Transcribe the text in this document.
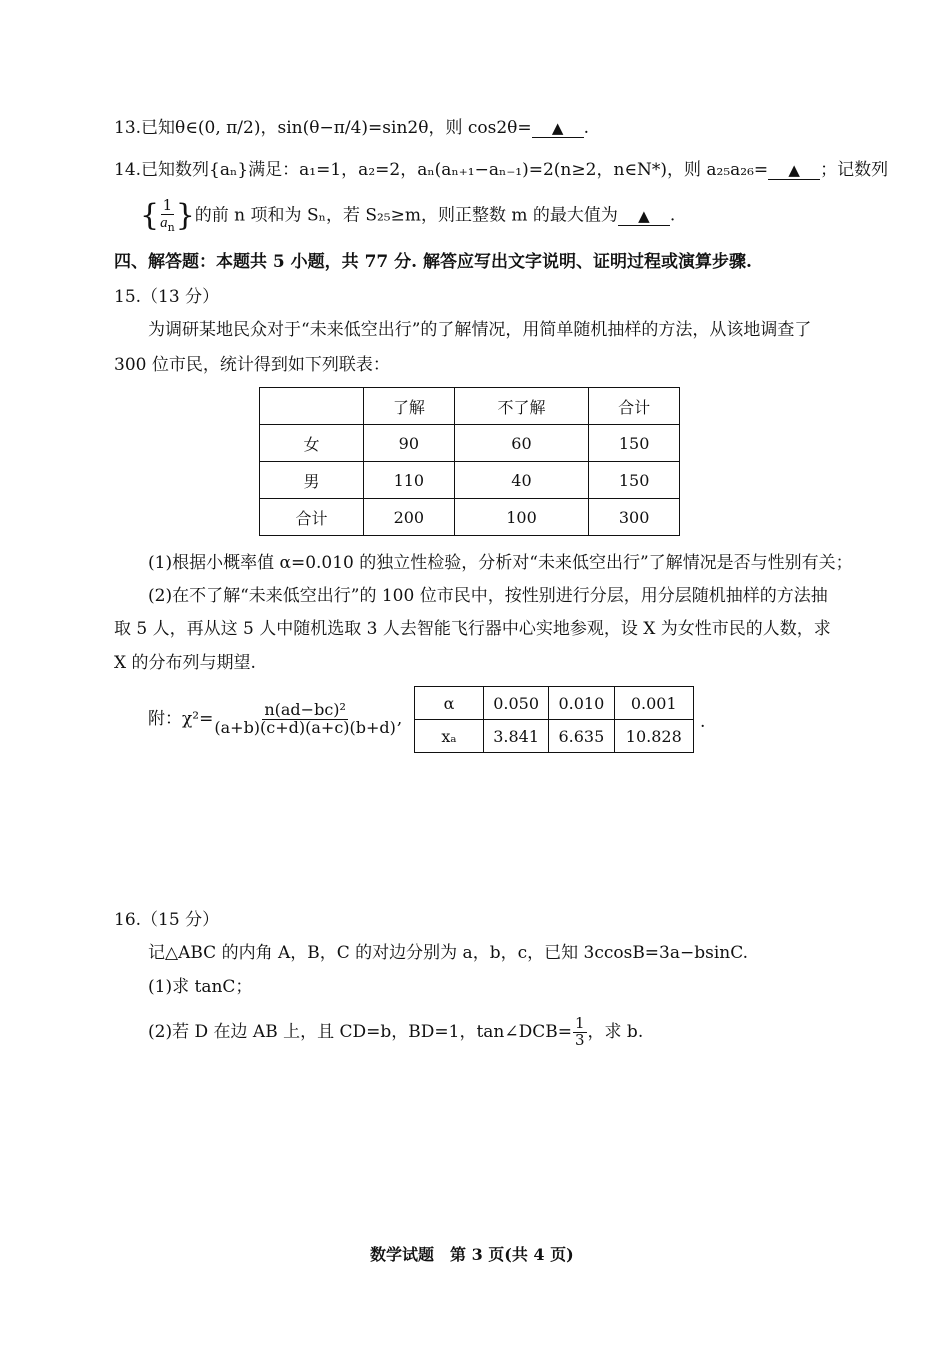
13.已知θ∈(0, π/2)，sin(θ−π/4)=sin2θ，则 cos2θ= ▲ .
14.已知数列{aₙ}满足：a₁=1，a₂=2，aₙ(aₙ₊₁−aₙ₋₁)=2(n≥2，n∈N*)，则 a₂₅a₂₆= ▲ ；记数列
{ $\frac{1}{a_n}$ }的前 n 项和为 Sₙ，若 S₂₅≥m，则正整数 m 的最大值为 ▲ .
四、解答题：本题共 5 小题，共 77 分. 解答应写出文字说明、证明过程或演算步骤.
15.（13 分）
为调研某地民众对于“未来低空出行”的了解情况，用简单随机抽样的方法，从该地调查了
300 位市民，统计得到如下列联表：
	了解	不了解	合计
女	90	60	150
男	110	40	150
合计	200	100	300
(1)根据小概率值 α=0.010 的独立性检验，分析对“未来低空出行”了解情况是否与性别有关；
(2)在不了解“未来低空出行”的 100 位市民中，按性别进行分层，用分层随机抽样的方法抽
取 5 人，再从这 5 人中随机选取 3 人去智能飞行器中心实地参观，设 X 为女性市民的人数，求
X 的分布列与期望.
附：$\chi^2= \frac{\text{n(ad−bc)²}}{(a+b)(c+d)(a+c)(b+d)}$ ,
α	0.050	0.010	0.001
xₐ	3.841	6.635	10.828
.
16.（15 分）
记△ABC 的内角 A，B，C 的对边分别为 a，b，c，已知 3ccosB=3a−bsinC.
(1)求 tanC；
(2)若 D 在边 AB 上，且 CD=b，BD=1，tan∠DCB= $\frac{1}{3}$ ，求 b.
数学试题　第 3 页(共 4 页)
